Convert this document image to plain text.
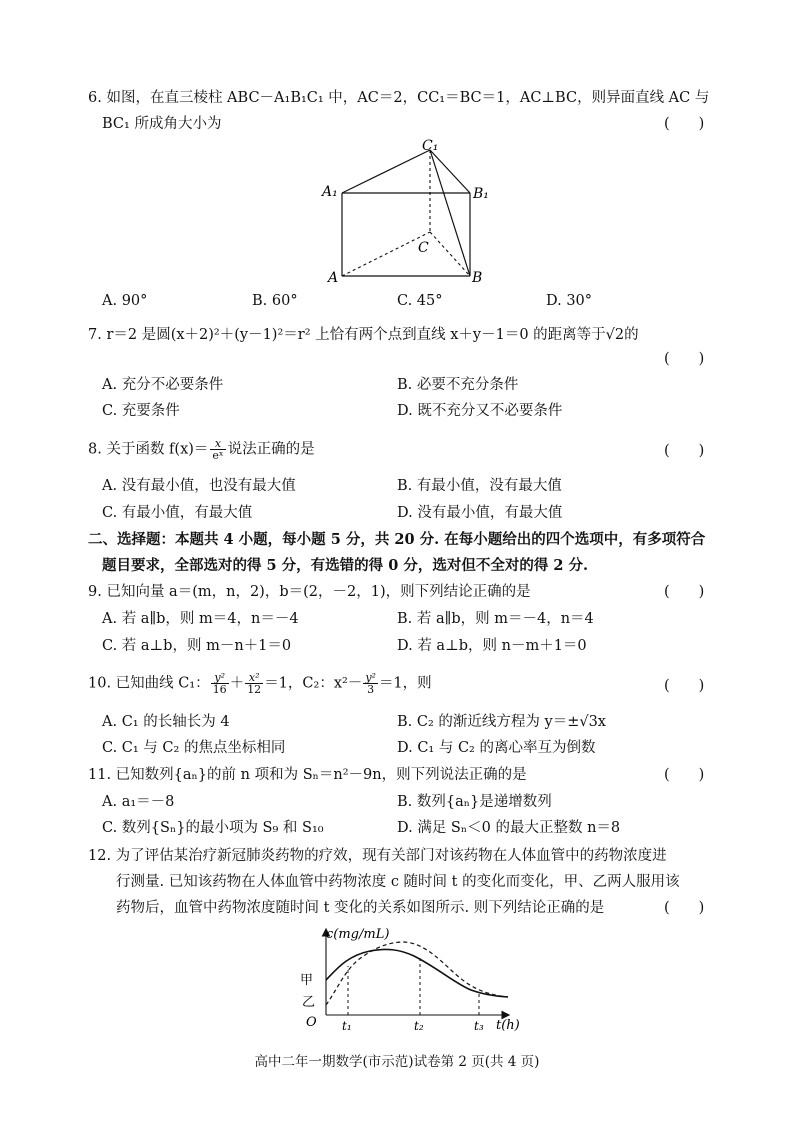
6. 如图，在直三棱柱 ABC－A₁B₁C₁ 中，AC＝2，CC₁＝BC＝1，AC⊥BC，则异面直线 AC 与
BC₁ 所成角大小为	(　　)
C₁
A₁	B₁
C
A	B
A. 90°	B. 60°	C. 45°	D. 30°
7. r＝2 是圆(x＋2)²＋(y－1)²＝r² 上恰有两个点到直线 x＋y－1＝0 的距离等于√2的
(　　)
A. 充分不必要条件	B. 必要不充分条件
C. 充要条件	D. 既不充分又不必要条件
8. 关于函数 $f(x)= \frac{x}{\text{eˣ}}$ 说法正确的是	(　　)
A. 没有最小值，也没有最大值	B. 有最小值，没有最大值
C. 有最小值，有最大值	D. 没有最小值，有最大值
二、选择题：本题共 4 小题，每小题 5 分，共 20 分. 在每小题给出的四个选项中，有多项符合
题目要求，全部选对的得 5 分，有选错的得 0 分，选对但不全对的得 2 分.
9. 已知向量 a＝(m，n，2)，b＝(2，－2，1)，则下列结论正确的是	(　　)
A. 若 a∥b，则 m＝4，n＝－4	B. 若 a∥b，则 m＝－4，n＝4
C. 若 a⊥b，则 m－n＋1＝0	D. 若 a⊥b，则 n－m＋1＝0
10. 已知曲线 C₁： $\frac{\text{y²}}{16} + \frac{\text{x²}}{12} =1$，C₂：$x^2- \frac{\text{y²}}{3} =1$，则	(　　)
A. C₁ 的长轴长为 4	B. C₂ 的渐近线方程为 y＝±√3x
C. C₁ 与 C₂ 的焦点坐标相同	D. C₁ 与 C₂ 的离心率互为倒数
11. 已知数列{aₙ}的前 n 项和为 Sₙ＝n²－9n，则下列说法正确的是	(　　)
A. a₁＝－8	B. 数列{aₙ}是递增数列
C. 数列{Sₙ}的最小项为 S₉ 和 S₁₀	D. 满足 Sₙ＜0 的最大正整数 n＝8
12. 为了评估某治疗新冠肺炎药物的疗效，现有关部门对该药物在人体血管中的药物浓度进
行测量. 已知该药物在人体血管中药物浓度 c 随时间 t 的变化而变化，甲、乙两人服用该
药物后，血管中药物浓度随时间 t 变化的关系如图所示. 则下列结论正确的是	(　　)
c(mg/mL)
t(h)
O t₁	t₂	t₃
甲
乙
高中二年一期数学(市示范)试卷第 2 页(共 4 页)
